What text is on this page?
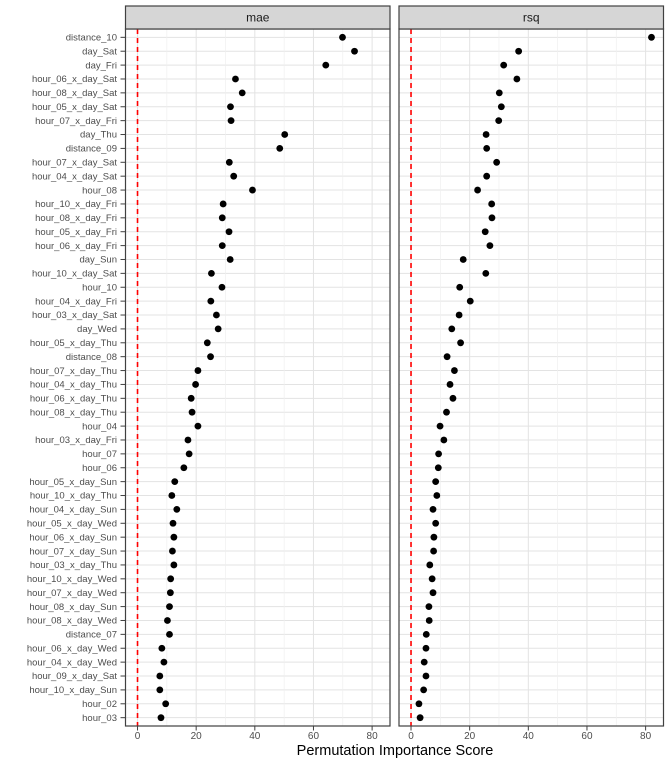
mae
0	20	40	60	80
rsq
0	20	40	60	80
distance_10
day_Sat
day_Fri
hour_06_x_day_Sat
hour_08_x_day_Sat
hour_05_x_day_Sat
hour_07_x_day_Fri
day_Thu
distance_09
hour_07_x_day_Sat
hour_04_x_day_Sat
hour_08
hour_10_x_day_Fri
hour_08_x_day_Fri
hour_05_x_day_Fri
hour_06_x_day_Fri
day_Sun
hour_10_x_day_Sat
hour_10
hour_04_x_day_Fri
hour_03_x_day_Sat
day_Wed
hour_05_x_day_Thu
distance_08
hour_07_x_day_Thu
hour_04_x_day_Thu
hour_06_x_day_Thu
hour_08_x_day_Thu
hour_04
hour_03_x_day_Fri
hour_07
hour_06
hour_05_x_day_Sun
hour_10_x_day_Thu
hour_04_x_day_Sun
hour_05_x_day_Wed
hour_06_x_day_Sun
hour_07_x_day_Sun
hour_03_x_day_Thu
hour_10_x_day_Wed
hour_07_x_day_Wed
hour_08_x_day_Sun
hour_08_x_day_Wed
distance_07
hour_06_x_day_Wed
hour_04_x_day_Wed
hour_09_x_day_Sat
hour_10_x_day_Sun
hour_02
hour_03
Permutation Importance Score
